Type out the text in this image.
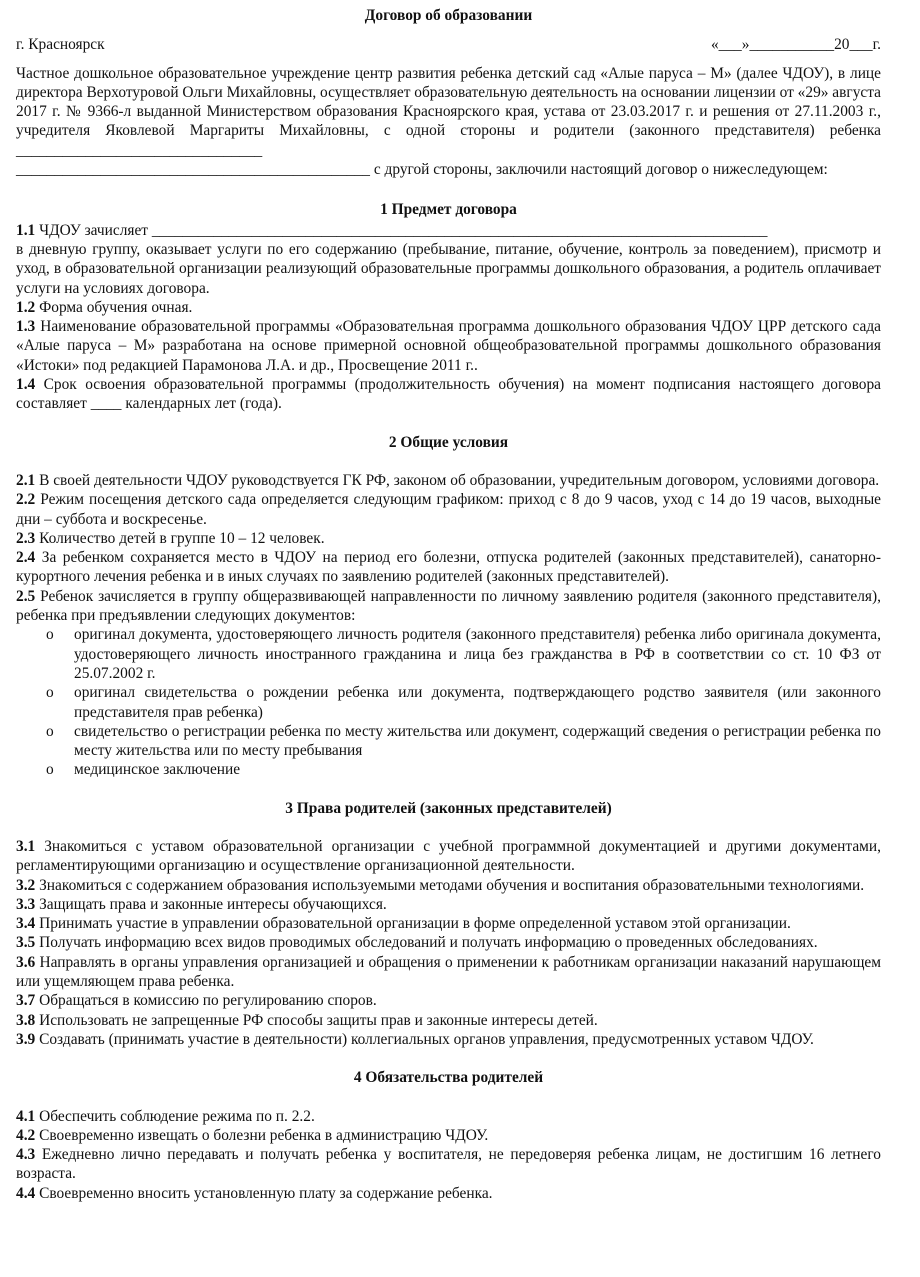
Договор об образовании
г. Красноярск	«___»___________20___г.

Частное дошкольное образовательное учреждение центр развития ребенка детский сад «Алые паруса – М» (далее ЧДОУ), в лице директора Верхотуровой Ольги Михайловны, осуществляет образовательную деятельность на основании лицензии от «29» августа 2017 г. № 9366-л выданной Министерством образования Красноярского края, устава от 23.03.2017 г. и решения от 27.11.2003 г., учредителя Яковлевой Маргариты Михайловны, с одной стороны и родители (законного представителя) ребенка ________________________________

______________________________________________ с другой стороны, заключили настоящий договор о нижеследующем:

1 Предмет договора

1.1 ЧДОУ зачисляет ________________________________________________________________________________

в дневную группу, оказывает услуги по его содержанию (пребывание, питание, обучение, контроль за поведением), присмотр и уход, в образовательной организации реализующий образовательные программы дошкольного образования, а родитель оплачивает услуги на условиях договора.

1.2 Форма обучения очная.

1.3 Наименование образовательной программы «Образовательная программа дошкольного образования ЧДОУ ЦРР детского сада «Алые паруса – М» разработана на основе примерной основной общеобразовательной программы дошкольного образования «Истоки» под редакцией Парамонова Л.А. и др., Просвещение 2011 г..

1.4 Срок освоения образовательной программы (продолжительность обучения) на момент подписания настоящего договора составляет ____ календарных лет (года).

2 Общие условия

2.1 В своей деятельности ЧДОУ руководствуется ГК РФ, законом об образовании, учредительным договором, условиями договора.

2.2 Режим посещения детского сада определяется следующим графиком: приход с 8 до 9 часов, уход с 14 до 19 часов, выходные дни – суббота и воскресенье.

2.3 Количество детей в группе 10 – 12 человек.

2.4 За ребенком сохраняется место в ЧДОУ на период его болезни, отпуска родителей (законных представителей), санаторно-курортного лечения ребенка и в иных случаях по заявлению родителей (законных представителей).

2.5 Ребенок зачисляется в группу общеразвивающей направленности по личному заявлению родителя (законного представителя), ребенка при предъявлении следующих документов:

o оригинал документа, удостоверяющего личность родителя (законного представителя) ребенка либо оригинала документа, удостоверяющего личность иностранного гражданина и лица без гражданства в РФ в соответствии со ст. 10 ФЗ от 25.07.2002 г.
o оригинал свидетельства о рождении ребенка или документа, подтверждающего родство заявителя (или законного представителя прав ребенка)
o свидетельство о регистрации ребенка по месту жительства или документ, содержащий сведения о регистрации ребенка по месту жительства или по месту пребывания
o медицинское заключение
3 Права родителей (законных представителей)

3.1 Знакомиться с уставом образовательной организации с учебной программной документацией и другими документами, регламентирующими организацию и осуществление организационной деятельности.

3.2 Знакомиться с содержанием образования используемыми методами обучения и воспитания образовательными технологиями.

3.3 Защищать права и законные интересы обучающихся.

3.4 Принимать участие в управлении образовательной организации в форме определенной уставом этой организации.

3.5 Получать информацию всех видов проводимых обследований и получать информацию о проведенных обследованиях.

3.6 Направлять в органы управления организацией и обращения о применении к работникам организации наказаний нарушающем или ущемляющем права ребенка.

3.7 Обращаться в комиссию по регулированию споров.

3.8 Использовать не запрещенные РФ способы защиты прав и законные интересы детей.

3.9 Создавать (принимать участие в деятельности) коллегиальных органов управления, предусмотренных уставом ЧДОУ.

4 Обязательства родителей

4.1 Обеспечить соблюдение режима по п. 2.2.

4.2 Своевременно извещать о болезни ребенка в администрацию ЧДОУ.

4.3 Ежедневно лично передавать и получать ребенка у воспитателя, не передоверяя ребенка лицам, не достигшим 16 летнего возраста.

4.4 Своевременно вносить установленную плату за содержание ребенка.
